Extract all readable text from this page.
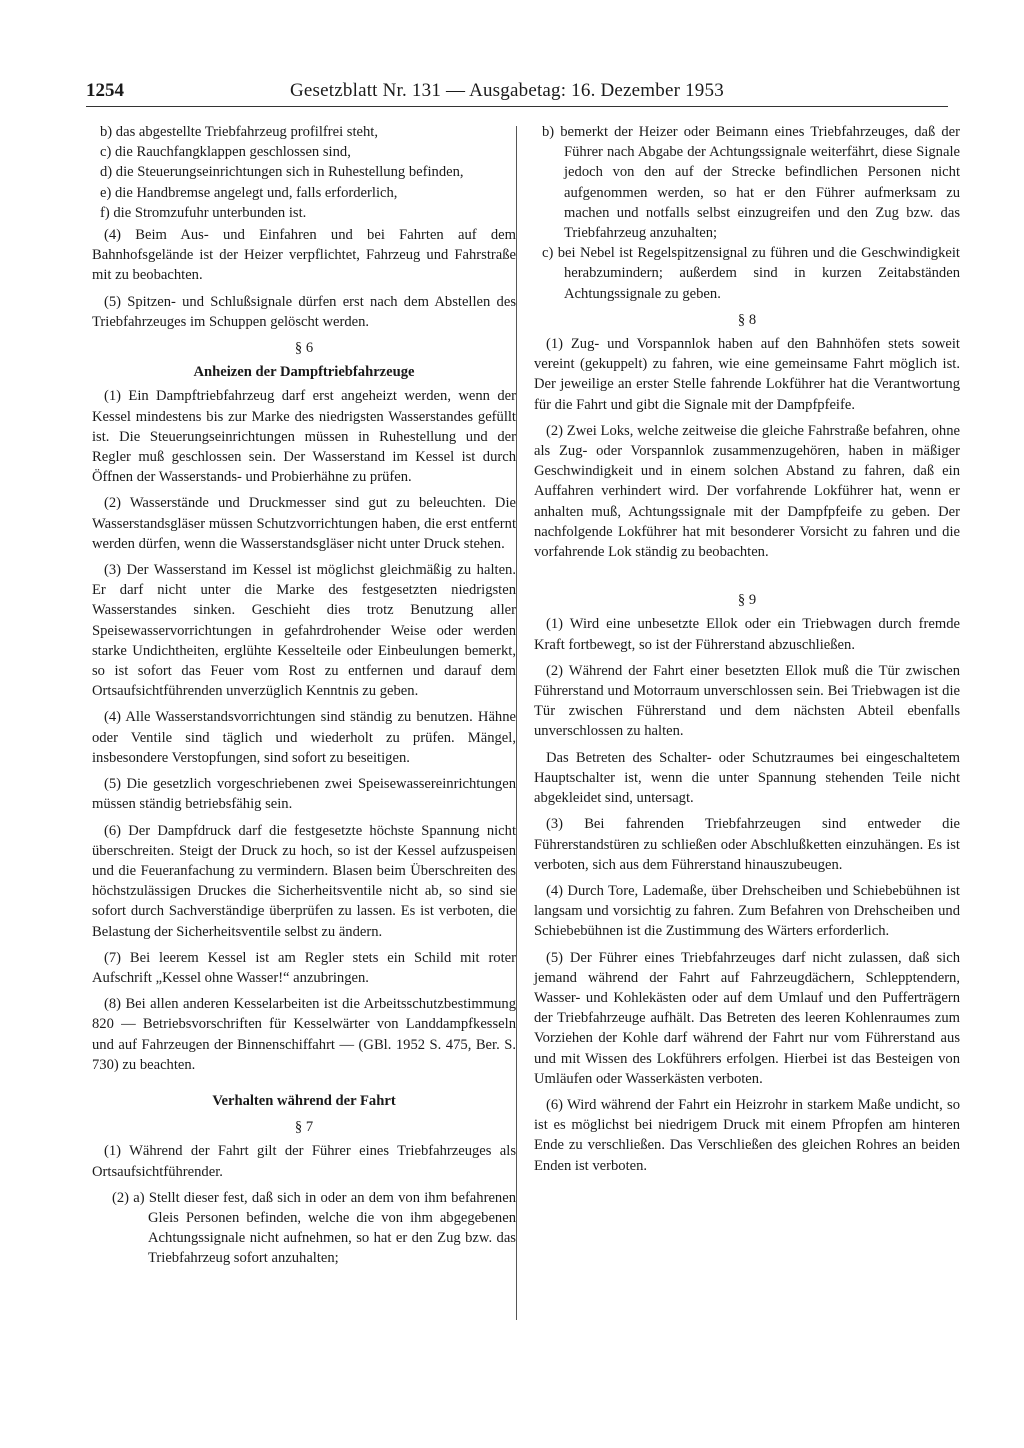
1254	Gesetzblatt Nr. 131 — Ausgabetag: 16. Dezember 1953

b) das abgestellte Triebfahrzeug profilfrei steht,

c) die Rauchfangklappen geschlossen sind,

d) die Steuerungseinrichtungen sich in Ruhestellung befinden,

e) die Handbremse angelegt und, falls erforderlich,

f) die Stromzufuhr unterbunden ist.

(4) Beim Aus- und Einfahren und bei Fahrten auf dem Bahnhofsgelände ist der Heizer verpflichtet, Fahrzeug und Fahrstraße mit zu beobachten.

(5) Spitzen- und Schlußsignale dürfen erst nach dem Abstellen des Triebfahrzeuges im Schuppen gelöscht werden.

§ 6

Anheizen der Dampftriebfahrzeuge

(1) Ein Dampftriebfahrzeug darf erst angeheizt werden, wenn der Kessel mindestens bis zur Marke des niedrigsten Wasserstandes gefüllt ist. Die Steuerungseinrichtungen müssen in Ruhestellung und der Regler muß geschlossen sein. Der Wasserstand im Kessel ist durch Öffnen der Wasserstands- und Probierhähne zu prüfen.

(2) Wasserstände und Druckmesser sind gut zu beleuchten. Die Wasserstandsgläser müssen Schutzvorrichtungen haben, die erst entfernt werden dürfen, wenn die Wasserstandsgläser nicht unter Druck stehen.

(3) Der Wasserstand im Kessel ist möglichst gleichmäßig zu halten. Er darf nicht unter die Marke des festgesetzten niedrigsten Wasserstandes sinken. Geschieht dies trotz Benutzung aller Speisewasservorrichtungen in gefahrdrohender Weise oder werden starke Undichtheiten, erglühte Kesselteile oder Einbeulungen bemerkt, so ist sofort das Feuer vom Rost zu entfernen und darauf dem Ortsaufsichtführenden unverzüglich Kenntnis zu geben.

(4) Alle Wasserstandsvorrichtungen sind ständig zu benutzen. Hähne oder Ventile sind täglich und wiederholt zu prüfen. Mängel, insbesondere Verstopfungen, sind sofort zu beseitigen.

(5) Die gesetzlich vorgeschriebenen zwei Speisewassereinrichtungen müssen ständig betriebsfähig sein.

(6) Der Dampfdruck darf die festgesetzte höchste Spannung nicht überschreiten. Steigt der Druck zu hoch, so ist der Kessel aufzuspeisen und die Feueranfachung zu vermindern. Blasen beim Überschreiten des höchstzulässigen Druckes die Sicherheitsventile nicht ab, so sind sie sofort durch Sachverständige überprüfen zu lassen. Es ist verboten, die Belastung der Sicherheitsventile selbst zu ändern.

(7) Bei leerem Kessel ist am Regler stets ein Schild mit roter Aufschrift „Kessel ohne Wasser!“ anzubringen.

(8) Bei allen anderen Kesselarbeiten ist die Arbeitsschutzbestimmung 820 — Betriebsvorschriften für Kesselwärter von Landdampfkesseln und auf Fahrzeugen der Binnenschiffahrt — (GBl. 1952 S. 475, Ber. S. 730) zu beachten.

Verhalten während der Fahrt

§ 7

(1) Während der Fahrt gilt der Führer eines Triebfahrzeuges als Ortsaufsichtführender.

(2) a) Stellt dieser fest, daß sich in oder an dem von ihm befahrenen Gleis Personen befinden, welche die von ihm abgegebenen Achtungssignale nicht aufnehmen, so hat er den Zug bzw. das Triebfahrzeug sofort anzuhalten;

b) bemerkt der Heizer oder Beimann eines Triebfahrzeuges, daß der Führer nach Abgabe der Achtungssignale weiterfährt, diese Signale jedoch von den auf der Strecke befindlichen Personen nicht aufgenommen werden, so hat er den Führer aufmerksam zu machen und notfalls selbst einzugreifen und den Zug bzw. das Triebfahrzeug anzuhalten;

c) bei Nebel ist Regelspitzensignal zu führen und die Geschwindigkeit herabzumindern; außerdem sind in kurzen Zeitabständen Achtungssignale zu geben.

§ 8

(1) Zug- und Vorspannlok haben auf den Bahnhöfen stets soweit vereint (gekuppelt) zu fahren, wie eine gemeinsame Fahrt möglich ist. Der jeweilige an erster Stelle fahrende Lokführer hat die Verantwortung für die Fahrt und gibt die Signale mit der Dampfpfeife.

(2) Zwei Loks, welche zeitweise die gleiche Fahrstraße befahren, ohne als Zug- oder Vorspannlok zusammenzugehören, haben in mäßiger Geschwindigkeit und in einem solchen Abstand zu fahren, daß ein Auffahren verhindert wird. Der vorfahrende Lokführer hat, wenn er anhalten muß, Achtungssignale mit der Dampfpfeife zu geben. Der nachfolgende Lokführer hat mit besonderer Vorsicht zu fahren und die vorfahrende Lok ständig zu beobachten.

§ 9

(1) Wird eine unbesetzte Ellok oder ein Triebwagen durch fremde Kraft fortbewegt, so ist der Führerstand abzuschließen.

(2) Während der Fahrt einer besetzten Ellok muß die Tür zwischen Führerstand und Motorraum unverschlossen sein. Bei Triebwagen ist die Tür zwischen Führerstand und dem nächsten Abteil ebenfalls unverschlossen zu halten.

Das Betreten des Schalter- oder Schutzraumes bei eingeschaltetem Hauptschalter ist, wenn die unter Spannung stehenden Teile nicht abgekleidet sind, untersagt.

(3) Bei fahrenden Triebfahrzeugen sind entweder die Führerstandstüren zu schließen oder Abschlußketten einzuhängen. Es ist verboten, sich aus dem Führerstand hinauszubeugen.

(4) Durch Tore, Lademaße, über Drehscheiben und Schiebebühnen ist langsam und vorsichtig zu fahren. Zum Befahren von Drehscheiben und Schiebebühnen ist die Zustimmung des Wärters erforderlich.

(5) Der Führer eines Triebfahrzeuges darf nicht zulassen, daß sich jemand während der Fahrt auf Fahrzeugdächern, Schlepptendern, Wasser- und Kohlekästen oder auf dem Umlauf und den Pufferträgern der Triebfahrzeuge aufhält. Das Betreten des leeren Kohlenraumes zum Vorziehen der Kohle darf während der Fahrt nur vom Führerstand aus und mit Wissen des Lokführers erfolgen. Hierbei ist das Besteigen von Umläufen oder Wasserkästen verboten.

(6) Wird während der Fahrt ein Heizrohr in starkem Maße undicht, so ist es möglichst bei niedrigem Druck mit einem Pfropfen am hinteren Ende zu verschließen. Das Verschließen des gleichen Rohres an beiden Enden ist verboten.
